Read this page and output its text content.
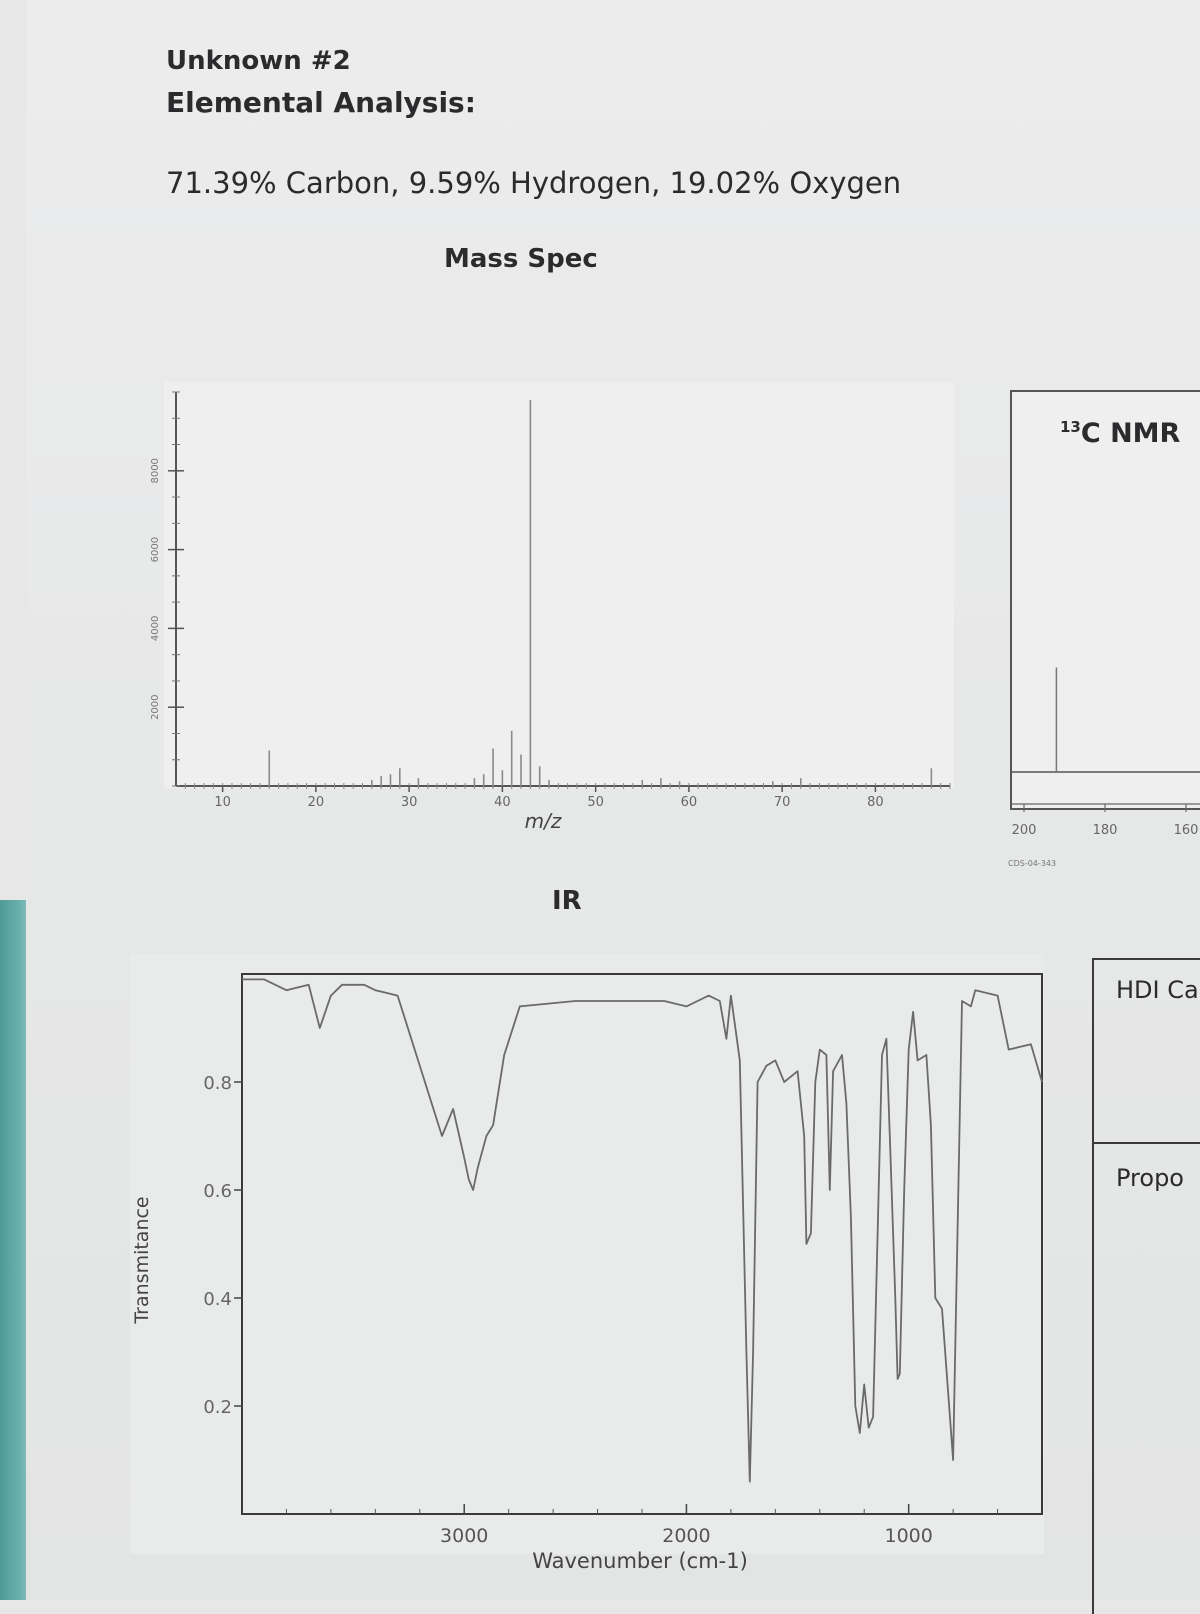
Unknown #2
Elemental Analysis:
71.39% Carbon, 9.59% Hydrogen, 19.02% Oxygen
Mass Spec
$^{13}$C NMR
IR
HDI Ca
Propo
10	20	30	40	50	60	70	80
2000
4000
6000
8000
m/z	200	180	160
CDS-04-343
0.2
0.4
0.6
0.8
3000	2000	1000
Wavenumber (cm-1)
Transmitance
